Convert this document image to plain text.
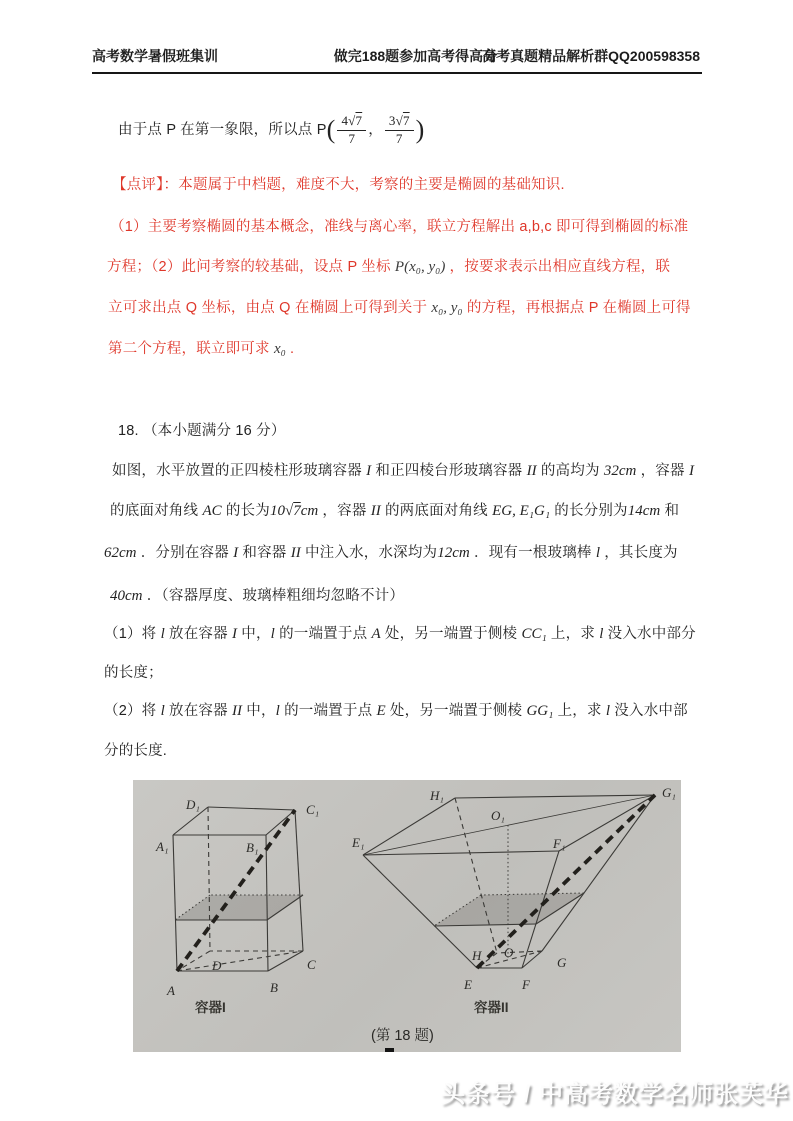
高考数学暑假班集训	做完188题参加高考得高分高考真题精品解析群QQ200598358
由于点 P 在第一象限，所以点 $P( \frac{4√7}{7}$ ， $\frac{3√7}{7}$ )
【点评】：本题属于中档题，难度不大，考察的主要是椭圆的基础知识.
（1）主要考察椭圆的基本概念，准线与离心率，联立方程解出 a,b,c 即可得到椭圆的标准
方程；（2）此问考察的较基础，设点 P 坐标 P(x₀, y₀) ，按要求表示出相应直线方程，联
立可求出点 Q 坐标，由点 Q 在椭圆上可得到关于 x₀, y₀ 的方程，再根据点 P 在椭圆上可得
第二个方程，联立即可求 x₀ .
18. （本小题满分 16 分）
如图，水平放置的正四棱柱形玻璃容器 I 和正四棱台形玻璃容器 II 的高均为 32cm ，容器 I
的底面对角线 AC 的长为10√7cm ，容器 II 的两底面对角线 EG, E₁G₁ 的长分别为14cm 和
62cm ．分别在容器 I 和容器 II 中注入水，水深均为12cm ．现有一根玻璃棒 l ，其长度为
40cm ．（容器厚度、玻璃棒粗细均忽略不计）
（1）将 l 放在容器 I 中，l 的一端置于点 A 处，另一端置于侧棱 CC₁ 上，求 l 没入水中部分
的长度；
（2）将 l 放在容器 II 中，l 的一端置于点 E 处，另一端置于侧棱 GG₁ 上，求 l 没入水中部
分的长度.
D₁	C₁
A₁	B₁
A	B
C
D
H₁
O₁
G₁
E₁	F₁
H O
G
E	F
容器I	容器II
(第 18 题)
头条号 / 中高考数学名师张芙华
